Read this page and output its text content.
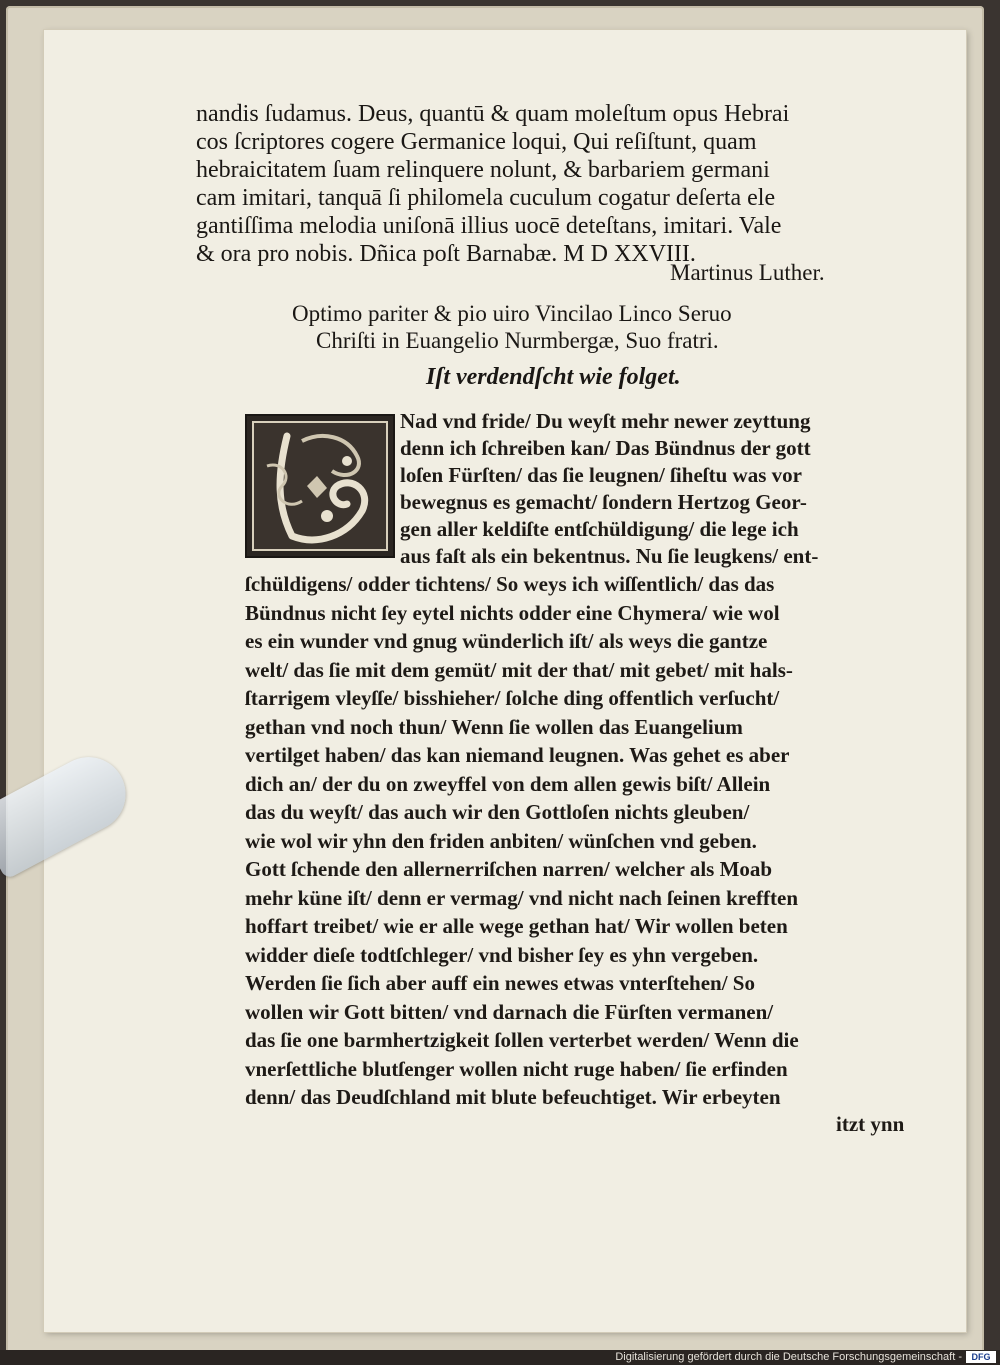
nandis ſudamus. Deus, quantū & quam moleſtum opus Hebrai

cos ſcriptores cogere Germanice loqui, Qui reſiſtunt, quam

hebraicitatem ſuam relinquere nolunt, & barbariem germani

cam imitari, tanquā ſi philomela cuculum cogatur deſerta ele

gantiſſima melodia uniſonā illius uocē deteſtans, imitari. Vale

& ora pro nobis. Dñica poſt Barnabæ. M D XXVIII.

Martinus Luther.

Optimo pariter & pio uiro Vincilao Linco Seruo

Chriſti in Euangelio Nurmbergæ, Suo fratri.

Iſt verdendſcht wie folget.

Nad vnd fride/ Du weyſt mehr newer zeyttung

denn ich ſchreiben kan/ Das Bündnus der gott

loſen Fürſten/ das ſie leugnen/ ſiheſtu was vor

bewegnus es gemacht/ ſondern Hertzog Geor-

gen aller keldiſte entſchüldigung/ die lege ich

aus faſt als ein bekentnus. Nu ſie leugkens/ ent-

ſchüldigens/ odder tichtens/ So weys ich wiſſentlich/ das das

Bündnus nicht ſey eytel nichts odder eine Chymera/ wie wol

es ein wunder vnd gnug wünderlich iſt/ als weys die gantze

welt/ das ſie mit dem gemüt/ mit der that/ mit gebet/ mit hals-

ſtarrigem vleyſſe/ bisshieher/ ſolche ding offentlich verſucht/

gethan vnd noch thun/ Wenn ſie wollen das Euangelium

vertilget haben/ das kan niemand leugnen. Was gehet es aber

dich an/ der du on zweyffel von dem allen gewis biſt/ Allein

das du weyſt/ das auch wir den Gottloſen nichts gleuben/

wie wol wir yhn den friden anbiten/ wünſchen vnd geben.

Gott ſchende den allernerriſchen narren/ welcher als Moab

mehr küne iſt/ denn er vermag/ vnd nicht nach ſeinen krefften

hoffart treibet/ wie er alle wege gethan hat/ Wir wollen beten

widder dieſe todtſchleger/ vnd bisher ſey es yhn vergeben.

Werden ſie ſich aber auff ein newes etwas vnterſtehen/ So

wollen wir Gott bitten/ vnd darnach die Fürſten vermanen/

das ſie one barmhertzigkeit ſollen verterbet werden/ Wenn die

vnerſettliche blutſenger wollen nicht ruge haben/ ſie erfinden

denn/ das Deudſchland mit blute befeuchtiget. Wir erbeyten

itzt ynn
Digitalisierung gefördert durch die Deutsche Forschungsgemeinschaft -	DFG
